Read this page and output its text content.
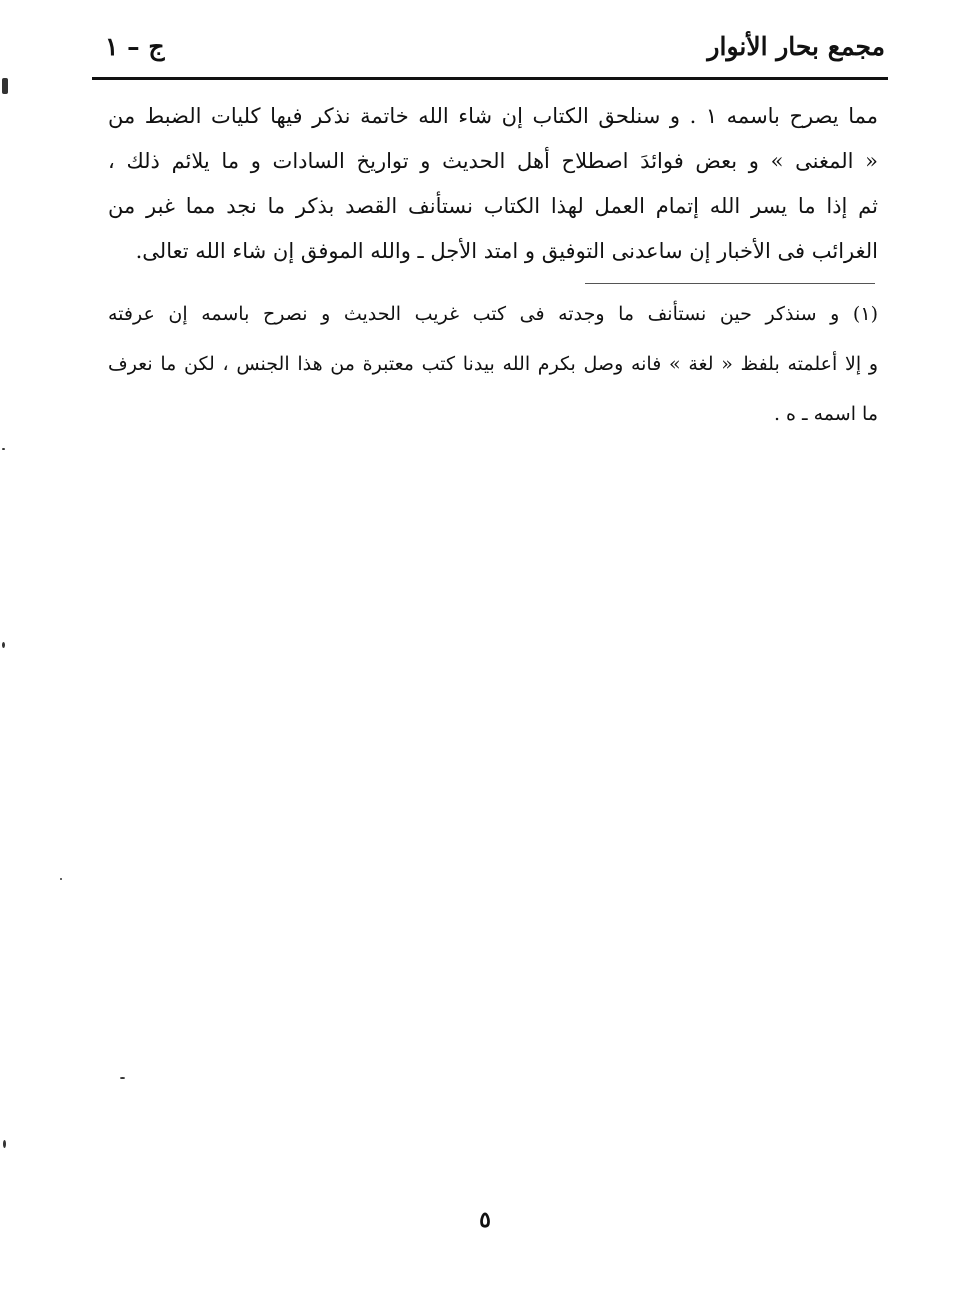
مجمع بحار الأنوار
ج – ١
مما يصرح باسمه ١ . و سنلحق الكتاب إن شاء الله خاتمة نذكر فيها كليات الضبط من
« المغنى » و بعض فوائدَ اصطلاح أهل الحديث و تواريخ السادات و ما يلائم ذلك ،
ثم إذا ما يسر الله إتمام العمل لهذا الكتاب نستأنف القصد بذكر ما نجد مما غبر من
الغرائب فى الأخبار إن ساعدنى التوفيق و امتد الأجل ـ والله الموفق إن شاء الله تعالى.
(١) و سنذكر حين نستأنف ما وجدته فى كتب غريب الحديث و نصرح باسمه إن عرفته
و إلا أعلمته بلفظ « لغة » فانه وصل بكرم الله بيدنا كتب معتبرة من هذا الجنس ، لكن ما نعرف
ما اسمه ـ ه .
٥
